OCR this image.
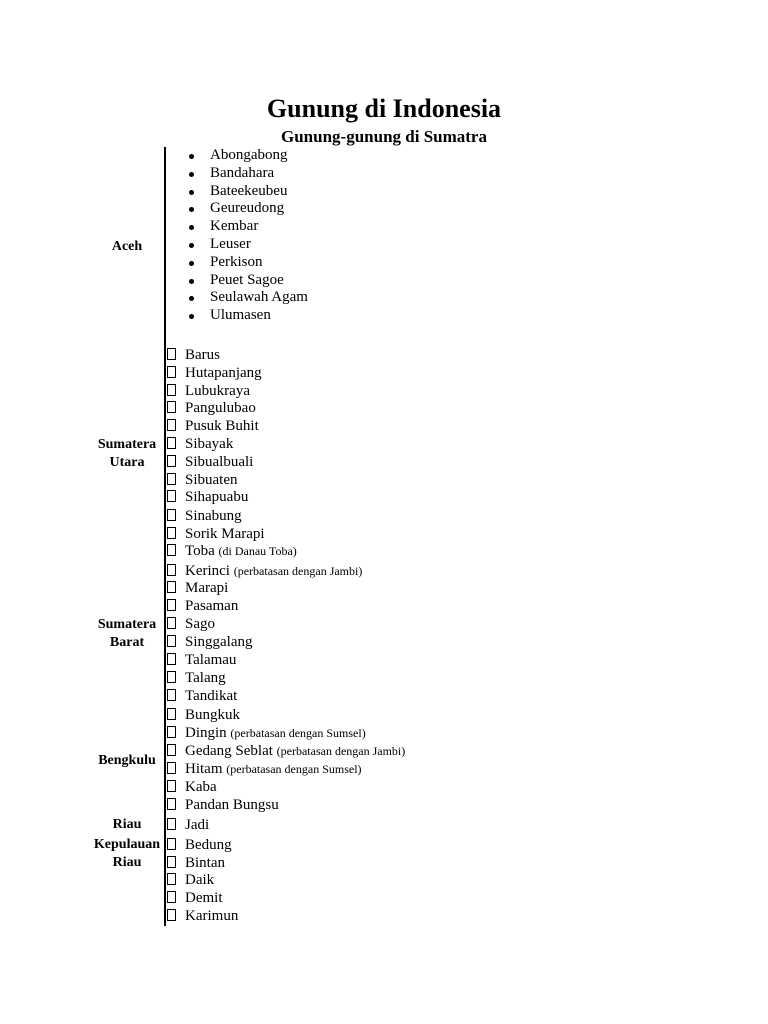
Gunung di Indonesia
Gunung-gunung di Sumatra
Aceh
Sumatera
Utara
Sumatera
Barat
Bengkulu
Riau
Kepulauan
Riau
Abongabong
Bandahara
Bateekeubeu
Geureudong
Kembar
Leuser
Perkison
Peuet Sagoe
Seulawah Agam
Ulumasen
Barus
Hutapanjang
Lubukraya
Pangulubao
Pusuk Buhit
Sibayak
Sibualbuali
Sibuaten
Sihapuabu
Sinabung
Sorik Marapi
Toba (di Danau Toba)
Kerinci (perbatasan dengan Jambi)
Marapi
Pasaman
Sago
Singgalang
Talamau
Talang
Tandikat
Bungkuk
Dingin (perbatasan dengan Sumsel)
Gedang Seblat (perbatasan dengan Jambi)
Hitam (perbatasan dengan Sumsel)
Kaba
Pandan Bungsu
Jadi
Bedung
Bintan
Daik
Demit
Karimun
